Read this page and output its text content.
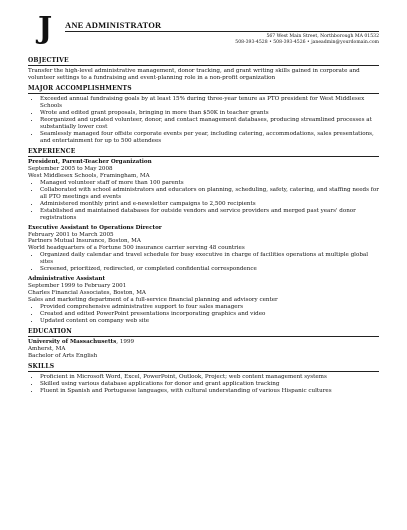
J ANE ADMINISTRATOR
567 West Main Street, Northborough MA 01532
508-393-4528 • 508-393-4526 • janeadmin@yourdomain.com
OBJECTIVE

Transfer the high-level administrative management, donor tracking, and grant writing skills gained in corporate and volunteer settings to a fundraising and event-planning role in a non-profit organization

MAJOR ACCOMPLISHMENTS
• Exceeded annual fundraising goals by at least 15% during three-year tenure as PTO president for West Middlesex Schools
• Wrote and edited grant proposals, bringing in more than $50K in teacher grants
• Reorganized and updated volunteer, donor, and contact management databases, producing streamlined processes at substantially lower cost
• Seamlessly managed four offsite corporate events per year, including catering, accommodations, sales presentations, and entertainment for up to 500 attendees
EXPERIENCE
President, Parent-Teacher Organization
September 2005 to May 2008
West Middlesex Schools, Framingham, MA
• Managed volunteer staff of more than 100 parents
• Collaborated with school administrators and educators on planning, scheduling, safety, catering, and staffing needs for all PTO meetings and events
• Administered monthly print and e-newsletter campaigns to 2,500 recipients
• Established and maintained databases for outside vendors and service providers and merged past years' donor registrations
Executive Assistant to Operations Director
February 2001 to March 2005
Partners Mutual Insurance, Boston, MA
World headquarters of a Fortune 500 insurance carrier serving 48 countries
• Organized daily calendar and travel schedule for busy executive in charge of facilities operations at multiple global sites
• Screened, prioritized, redirected, or completed confidential correspondence
Administrative Assistant
September 1999 to February 2001
Charles Financial Associates, Boston, MA
Sales and marketing department of a full-service financial planning and advisory center
• Provided comprehensive administrative support to four sales managers
• Created and edited PowerPoint presentations incorporating graphics and video
• Updated content on company web site
EDUCATION
University of Massachusetts, 1999
Amherst, MA
Bachelor of Arts English
SKILLS
• Proficient in Microsoft Word, Excel, PowerPoint, Outlook, Project; web content management systems
• Skilled using various database applications for donor and grant application tracking
• Fluent in Spanish and Portuguese languages, with cultural understanding of various Hispanic cultures
